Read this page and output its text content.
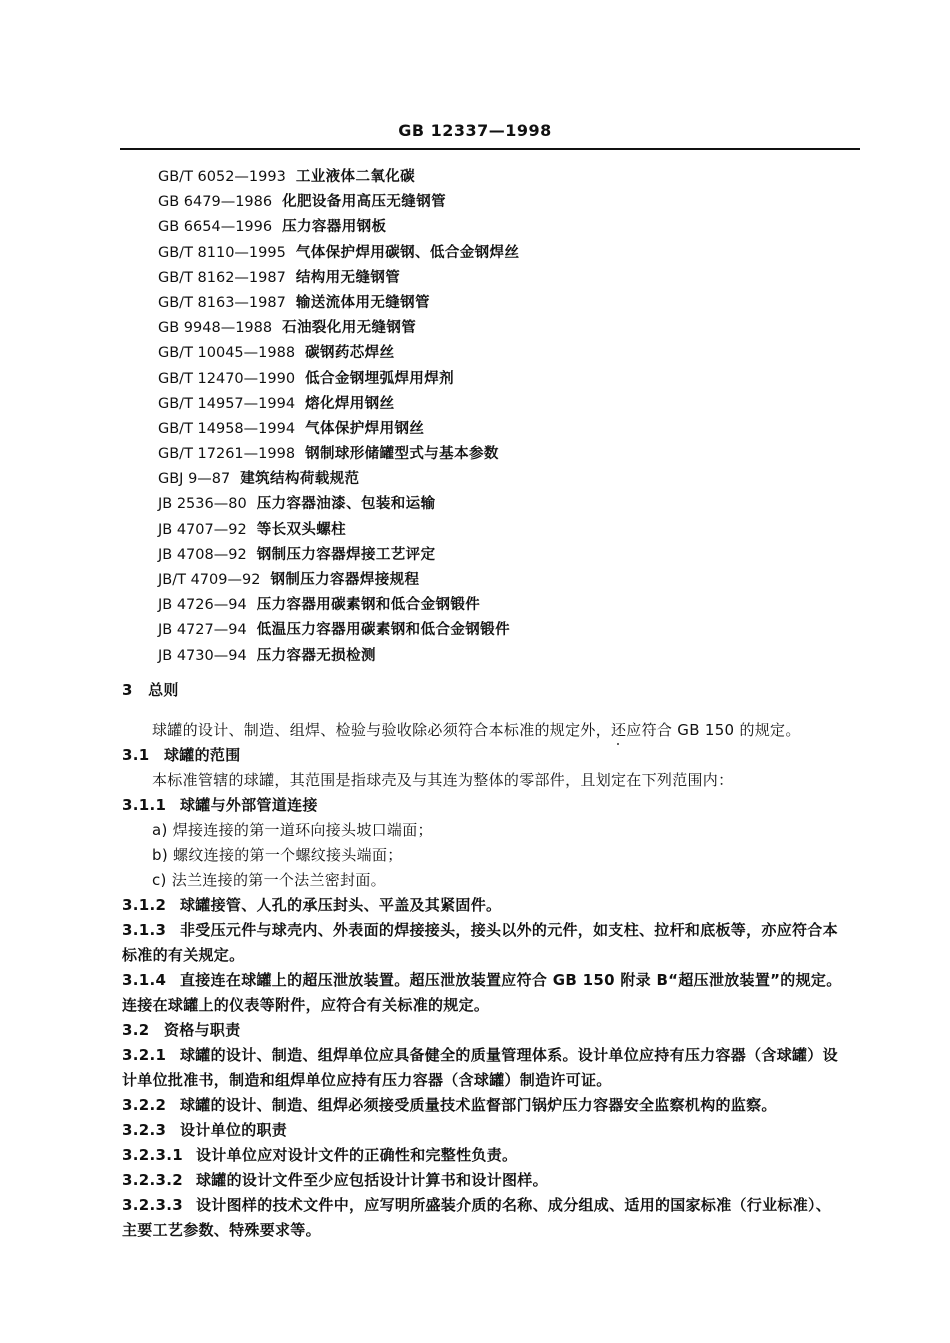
GB 12337—1998
GB/T 6052—1993 工业液体二氧化碳
GB 6479—1986 化肥设备用高压无缝钢管
GB 6654—1996 压力容器用钢板
GB/T 8110—1995 气体保护焊用碳钢、低合金钢焊丝
GB/T 8162—1987 结构用无缝钢管
GB/T 8163—1987 输送流体用无缝钢管
GB 9948—1988 石油裂化用无缝钢管
GB/T 10045—1988 碳钢药芯焊丝
GB/T 12470—1990 低合金钢埋弧焊用焊剂
GB/T 14957—1994 熔化焊用钢丝
GB/T 14958—1994 气体保护焊用钢丝
GB/T 17261—1998 钢制球形储罐型式与基本参数
GBJ 9—87 建筑结构荷载规范
JB 2536—80 压力容器油漆、包装和运输
JB 4707—92 等长双头螺柱
JB 4708—92 钢制压力容器焊接工艺评定
JB/T 4709—92 钢制压力容器焊接规程
JB 4726—94 压力容器用碳素钢和低合金钢锻件
JB 4727—94 低温压力容器用碳素钢和低合金钢锻件
JB 4730—94 压力容器无损检测
3  总则
球罐的设计、制造、组焊、检验与验收除必须符合本标准的规定外，还应符合 GB 150 的规定。
3.1 球罐的范围
本标准管辖的球罐，其范围是指球壳及与其连为整体的零部件，且划定在下列范围内：
3.1.1 球罐与外部管道连接
a) 焊接连接的第一道环向接头坡口端面；
b) 螺纹连接的第一个螺纹接头端面；
c) 法兰连接的第一个法兰密封面。
3.1.2 球罐接管、人孔的承压封头、平盖及其紧固件。
3.1.3 非受压元件与球壳内、外表面的焊接接头，接头以外的元件，如支柱、拉杆和底板等，亦应符合本
标准的有关规定。
3.1.4 直接连在球罐上的超压泄放装置。超压泄放装置应符合 GB 150 附录 B“超压泄放装置”的规定。
连接在球罐上的仪表等附件，应符合有关标准的规定。
3.2 资格与职责
3.2.1 球罐的设计、制造、组焊单位应具备健全的质量管理体系。设计单位应持有压力容器（含球罐）设
计单位批准书，制造和组焊单位应持有压力容器（含球罐）制造许可证。
3.2.2 球罐的设计、制造、组焊必须接受质量技术监督部门锅炉压力容器安全监察机构的监察。
3.2.3 设计单位的职责
3.2.3.1 设计单位应对设计文件的正确性和完整性负责。
3.2.3.2 球罐的设计文件至少应包括设计计算书和设计图样。
3.2.3.3 设计图样的技术文件中，应写明所盛装介质的名称、成分组成、适用的国家标准（行业标准）、
主要工艺参数、特殊要求等。
